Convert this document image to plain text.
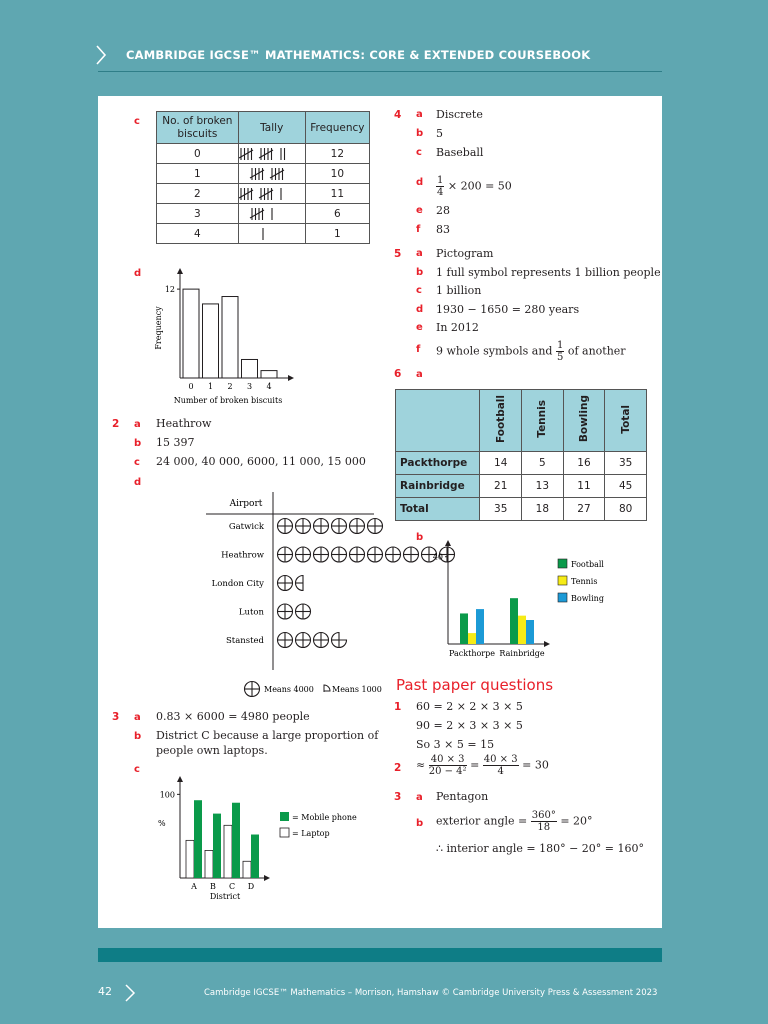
CAMBRIDGE IGCSE™ MATHEMATICS: CORE & EXTENDED COURSEBOOK
c No. of broken biscuits	Tally	Frequency
0		12
1		10
2		11
3		6
4		1
d
12
0 1 2 3 4
Number of broken biscuits
Frequency
2 a Heathrow
b 15 397
c 24 000, 40 000, 6000, 11 000, 15 000
d
Airport
Gatwick
Heathrow
London City
Luton
Stansted
Means 4000 Means 1000
3 a 0.83 × 6000 = 4980 people
b District C because a large proportion of
people own laptops.
c
100
%
A B C D
District
= Mobile phone
= Laptop
4
$\frac{1}{4} \times 200 = 50$
5
f 9 whole symbols and $\frac{1}{5}$ of another
6 a
	Football	Tennis	Bowling	Total
Packthorpe	14	5	16	35
Rainbridge	21	13	11	45
Total	35	18	27	80
b
40
Packthorpe Rainbridge
Football
Tennis
Bowling
Past paper questions
1 60 = 2 × 2 × 3 × 5
90 = 2 × 3 × 3 × 5
So 3 × 5 = 15
$2 \approx \frac{40 \times 3}{\text{20 − 4²}} = \frac{40 \times 3}{4} = 30$
3 a Pentagon
b exterior angle = $\frac{360^\circ}{18} = 20^\circ$
∴ interior angle = 180° − 20° = 160°
a Discrete
b 5
c Baseball
d
e 28
f 83
a Pictogram
b 1 full symbol represents 1 billion people
c 1 billion
d 1930 − 1650 = 280 years
e In 2012
42	Cambridge IGCSE™ Mathematics – Morrison, Hamshaw © Cambridge University Press & Assessment 2023
